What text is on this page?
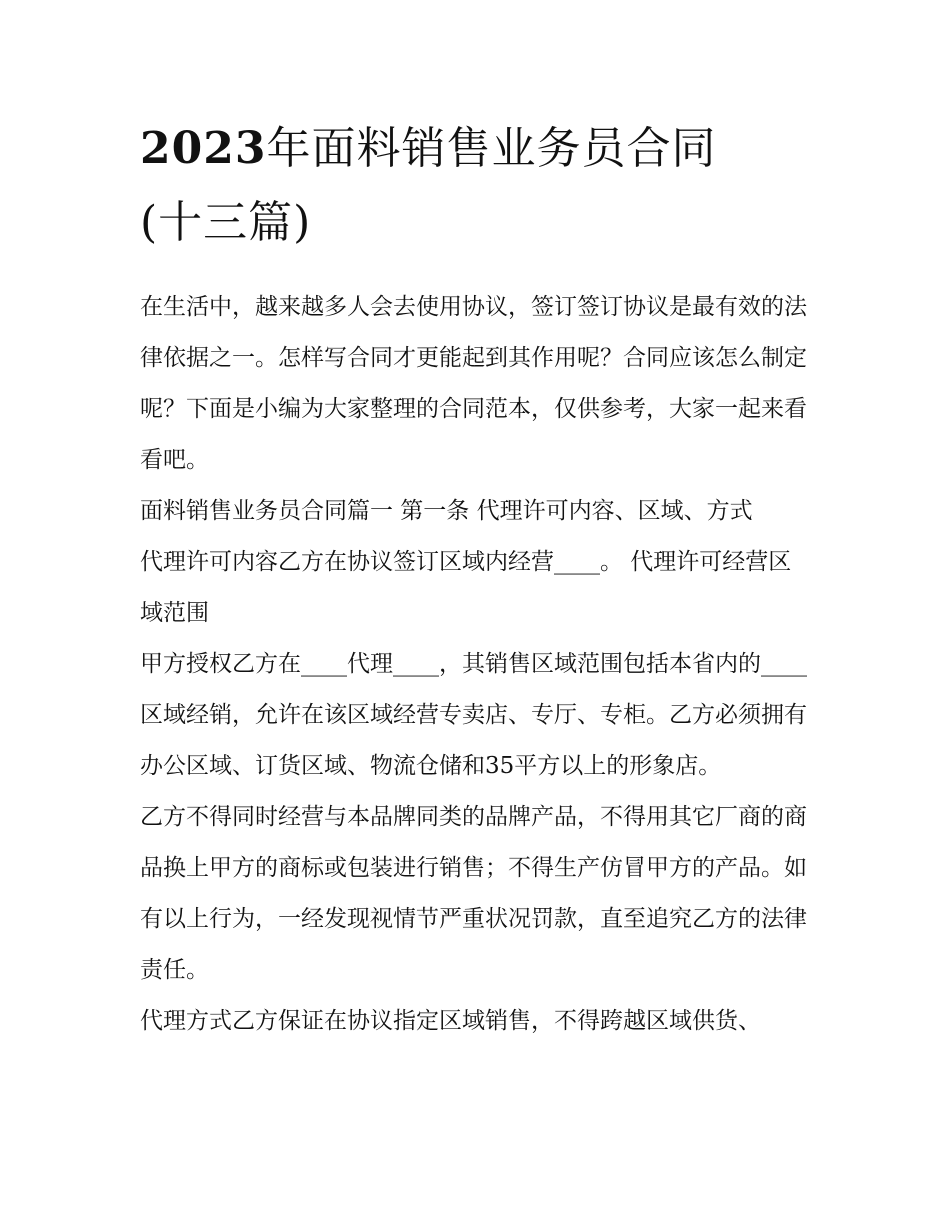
2023年面料销售业务员合同
(十三篇)

在生活中，越来越多人会去使用协议，签订签订协议是最有效的法律依据之一。怎样写合同才更能起到其作用呢？合同应该怎么制定呢？下面是小编为大家整理的合同范本，仅供参考，大家一起来看看吧。

面料销售业务员合同篇一 第一条 代理许可内容、区域、方式

代理许可内容乙方在协议签订区域内经营____。 代理许可经营区域范围

甲方授权乙方在____代理____，其销售区域范围包括本省内的____区域经销，允许在该区域经营专卖店、专厅、专柜。乙方必须拥有办公区域、订货区域、物流仓储和35平方以上的形象店。

乙方不得同时经营与本品牌同类的品牌产品，不得用其它厂商的商品换上甲方的商标或包装进行销售；不得生产仿冒甲方的产品。如有以上行为，一经发现视情节严重状况罚款，直至追究乙方的法律责任。

代理方式乙方保证在协议指定区域销售，不得跨越区域供货、
